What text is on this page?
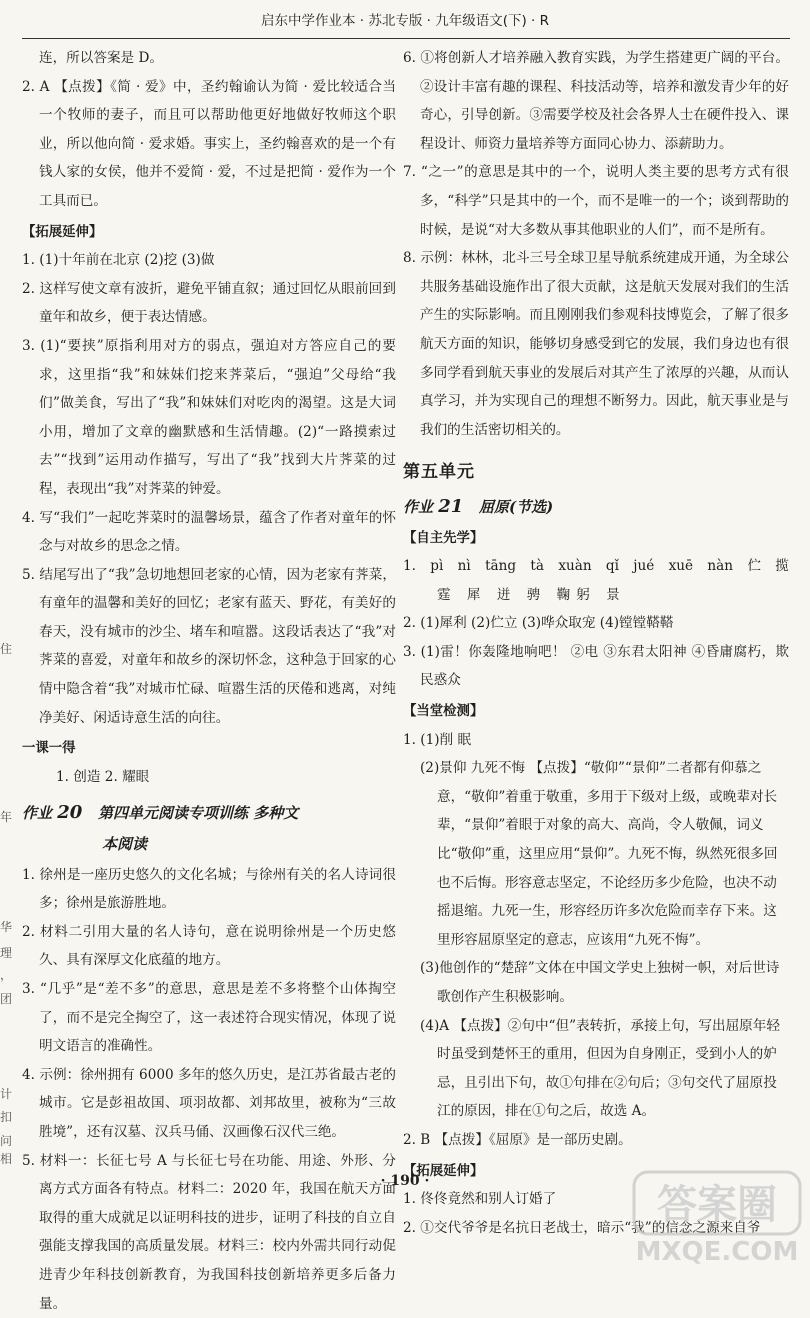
启东中学作业本 · 苏北专版 · 九年级语文(下) · R
住
年
华
理
，
团
计
扣
问
相

连，所以答案是 D。

2. A 【点拨】《简 · 爱》中，圣约翰谕认为简 · 爱比较适合当一个牧师的妻子，而且可以帮助他更好地做好牧师这个职业，所以他向简 · 爱求婚。事实上，圣约翰喜欢的是一个有钱人家的女侯，他并不爱简 · 爱，不过是把简 · 爱作为一个工具而已。

【拓展延伸】

1. (1)十年前在北京 (2)挖 (3)做

2. 这样写使文章有波折，避免平铺直叙；通过回忆从眼前回到童年和故乡，便于表达情感。

3. (1)“要挟”原指利用对方的弱点，强迫对方答应自己的要求，这里指“我”和妹妹们挖来荠菜后，“强迫”父母给“我们”做美食，写出了“我”和妹妹们对吃肉的渴望。这是大词小用，增加了文章的幽默感和生活情趣。(2)“一路摸索过去”“找到”运用动作描写，写出了“我”找到大片荠菜的过程，表现出“我”对荠菜的钟爱。

4. 写“我们”一起吃荠菜时的温馨场景，蕴含了作者对童年的怀念与对故乡的思念之情。

5. 结尾写出了“我”急切地想回老家的心情，因为老家有荠菜，有童年的温馨和美好的回忆；老家有蓝天、野花，有美好的春天，没有城市的沙尘、堵车和喧嚣。这段话表达了“我”对荠菜的喜爱，对童年和故乡的深切怀念，这种急于回家的心情中隐含着“我”对城市忙碌、喧嚣生活的厌倦和逃离，对纯净美好、闲适诗意生活的向往。

一课一得

1. 创造 2. 耀眼

作业 20 第四单元阅读专项训练 多种文

本阅读

1. 徐州是一座历史悠久的文化名城；与徐州有关的名人诗词很多；徐州是旅游胜地。

2. 材料二引用大量的名人诗句，意在说明徐州是一个历史悠久、具有深厚文化底蕴的地方。

3. “几乎”是“差不多”的意思，意思是差不多将整个山体掏空了，而不是完全掏空了，这一表述符合现实情况，体现了说明文语言的准确性。

4. 示例：徐州拥有 6000 多年的悠久历史，是江苏省最古老的城市。它是彭祖故国、项羽故都、刘邦故里，被称为“三故胜境”，还有汉墓、汉兵马俑、汉画像石汉代三绝。

5. 材料一：长征七号 A 与长征七号在功能、用途、外形、分离方式方面各有特点。材料二：2020 年，我国在航天方面取得的重大成就足以证明科技的进步，证明了科技的自立自强能支撑我国的高质量发展。材料三：校内外需共同行动促进青少年科技创新教育，为我国科技创新培养更多后备力量。

6. ①将创新人才培养融入教育实践，为学生搭建更广阔的平台。②设计丰富有趣的课程、科技活动等，培养和激发青少年的好奇心，引导创新。③需要学校及社会各界人士在硬件投入、课程设计、师资力量培养等方面同心协力、添薪助力。

7. “之一”的意思是其中的一个，说明人类主要的思考方式有很多，“科学”只是其中的一个，而不是唯一的一个；谈到帮助的时候，是说“对大多数从事其他职业的人们”，而不是所有。

8. 示例：林林，北斗三号全球卫星导航系统建成开通，为全球公共服务基础设施作出了很大贡献，这是航天发展对我们的生活产生的实际影响。而且刚刚我们参观科技博览会，了解了很多航天方面的知识，能够切身感受到它的发展，我们身边也有很多同学看到航天事业的发展后对其产生了浓厚的兴趣，从而认真学习，并为实现自己的理想不断努力。因此，航天事业是与我们的生活密切相关的。

第五单元

作业 21 屈原(节选)

【自主先学】

1. pì nì tāng tà xuàn qǐ jué xuē nàn 伫 揽

霆 犀 迸 骋 鞠躬 景

2. (1)犀利 (2)伫立 (3)哗众取宠 (4)镗镗鞳鞳

3. (1)雷！你轰隆地响吧！ ②电 ③东君太阳神 ④昏庸腐朽，欺民惑众

【当堂检测】

1. (1)削 眠

(2)景仰 九死不悔 【点拨】“敬仰”“景仰”二者都有仰慕之意，“敬仰”着重于敬重，多用于下级对上级，或晚辈对长辈，“景仰”着眼于对象的高大、高尚，令人敬佩，词义比“敬仰”重，这里应用“景仰”。九死不悔，纵然死很多回也不后悔。形容意志坚定，不论经历多少危险，也决不动摇退缩。九死一生，形容经历许多次危险而幸存下来。这里形容屈原坚定的意志，应该用“九死不悔”。

(3)他创作的“楚辞”文体在中国文学史上独树一帜，对后世诗歌创作产生积极影响。

(4)A 【点拨】②句中“但”表转折，承接上句，写出屈原年轻时虽受到楚怀王的重用，但因为自身刚正，受到小人的妒忌，且引出下句，故①句排在②句后；③句交代了屈原投江的原因，排在①句之后，故选 A。

2. B 【点拨】《屈原》是一部历史剧。

【拓展延伸】

1. 佟佟竟然和别人订婚了

2. ①交代爷爷是名抗日老战士，暗示“我”的信念之源来自爷

· 190 ·
答案圈
MXQE.COM
